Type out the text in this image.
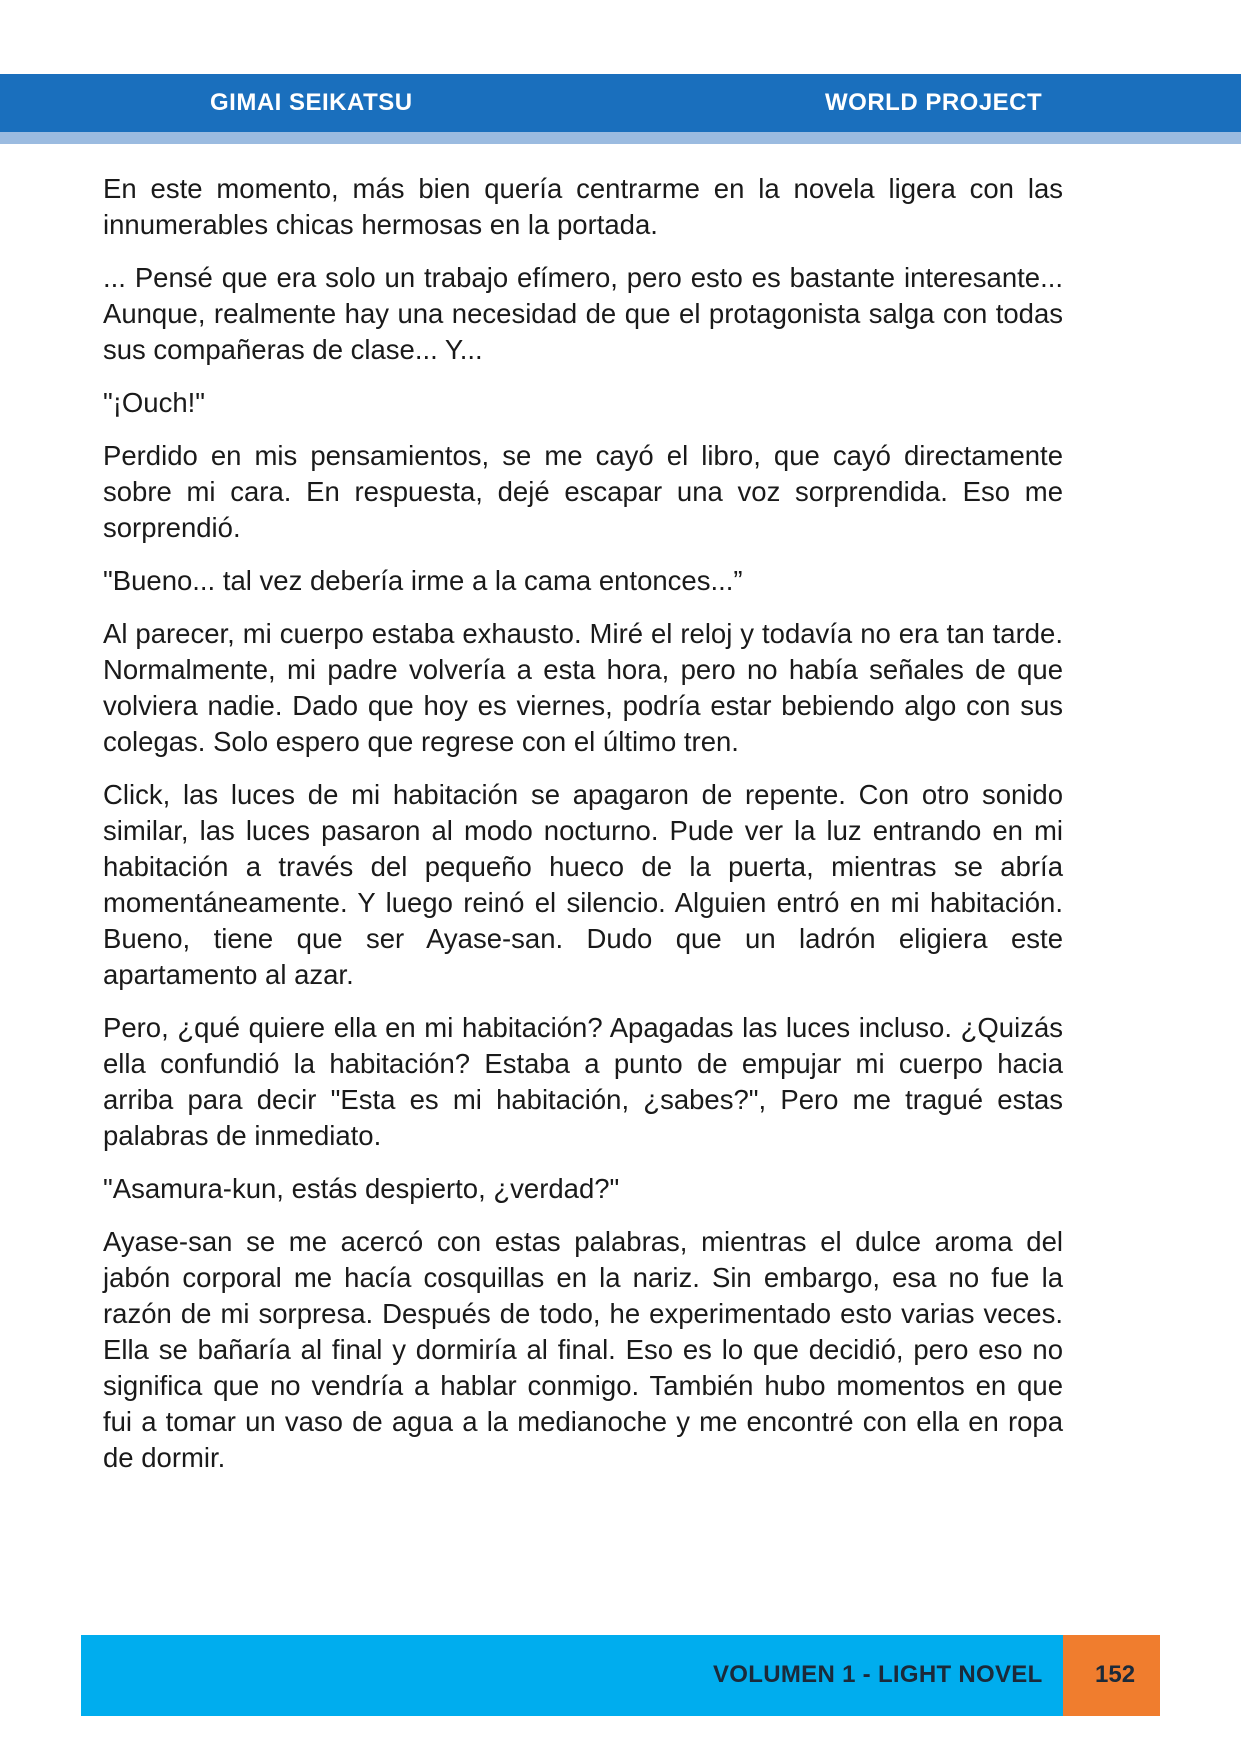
GIMAI SEIKATSU	WORLD PROJECT

En este momento, más bien quería centrarme en la novela ligera con las innumerables chicas hermosas en la portada.

... Pensé que era solo un trabajo efímero, pero esto es bastante interesante... Aunque, realmente hay una necesidad de que el protagonista salga con todas sus compañeras de clase... Y...

"¡Ouch!"

Perdido en mis pensamientos, se me cayó el libro, que cayó directamente sobre mi cara. En respuesta, dejé escapar una voz sorprendida. Eso me sorprendió.

"Bueno... tal vez debería irme a la cama entonces...”

Al parecer, mi cuerpo estaba exhausto. Miré el reloj y todavía no era tan tarde. Normalmente, mi padre volvería a esta hora, pero no había señales de que volviera nadie. Dado que hoy es viernes, podría estar bebiendo algo con sus colegas. Solo espero que regrese con el último tren.

Click, las luces de mi habitación se apagaron de repente. Con otro sonido similar, las luces pasaron al modo nocturno. Pude ver la luz entrando en mi habitación a través del pequeño hueco de la puerta, mientras se abría momentáneamente. Y luego reinó el silencio. Alguien entró en mi habitación. Bueno, tiene que ser Ayase-san. Dudo que un ladrón eligiera este apartamento al azar.

Pero, ¿qué quiere ella en mi habitación? Apagadas las luces incluso. ¿Quizás ella confundió la habitación? Estaba a punto de empujar mi cuerpo hacia arriba para decir "Esta es mi habitación, ¿sabes?", Pero me tragué estas palabras de inmediato.

"Asamura-kun, estás despierto, ¿verdad?"

Ayase-san se me acercó con estas palabras, mientras el dulce aroma del jabón corporal me hacía cosquillas en la nariz. Sin embargo, esa no fue la razón de mi sorpresa. Después de todo, he experimentado esto varias veces. Ella se bañaría al final y dormiría al final. Eso es lo que decidió, pero eso no significa que no vendría a hablar conmigo. También hubo momentos en que fui a tomar un vaso de agua a la medianoche y me encontré con ella en ropa de dormir.

VOLUMEN 1 - LIGHT NOVEL 152
